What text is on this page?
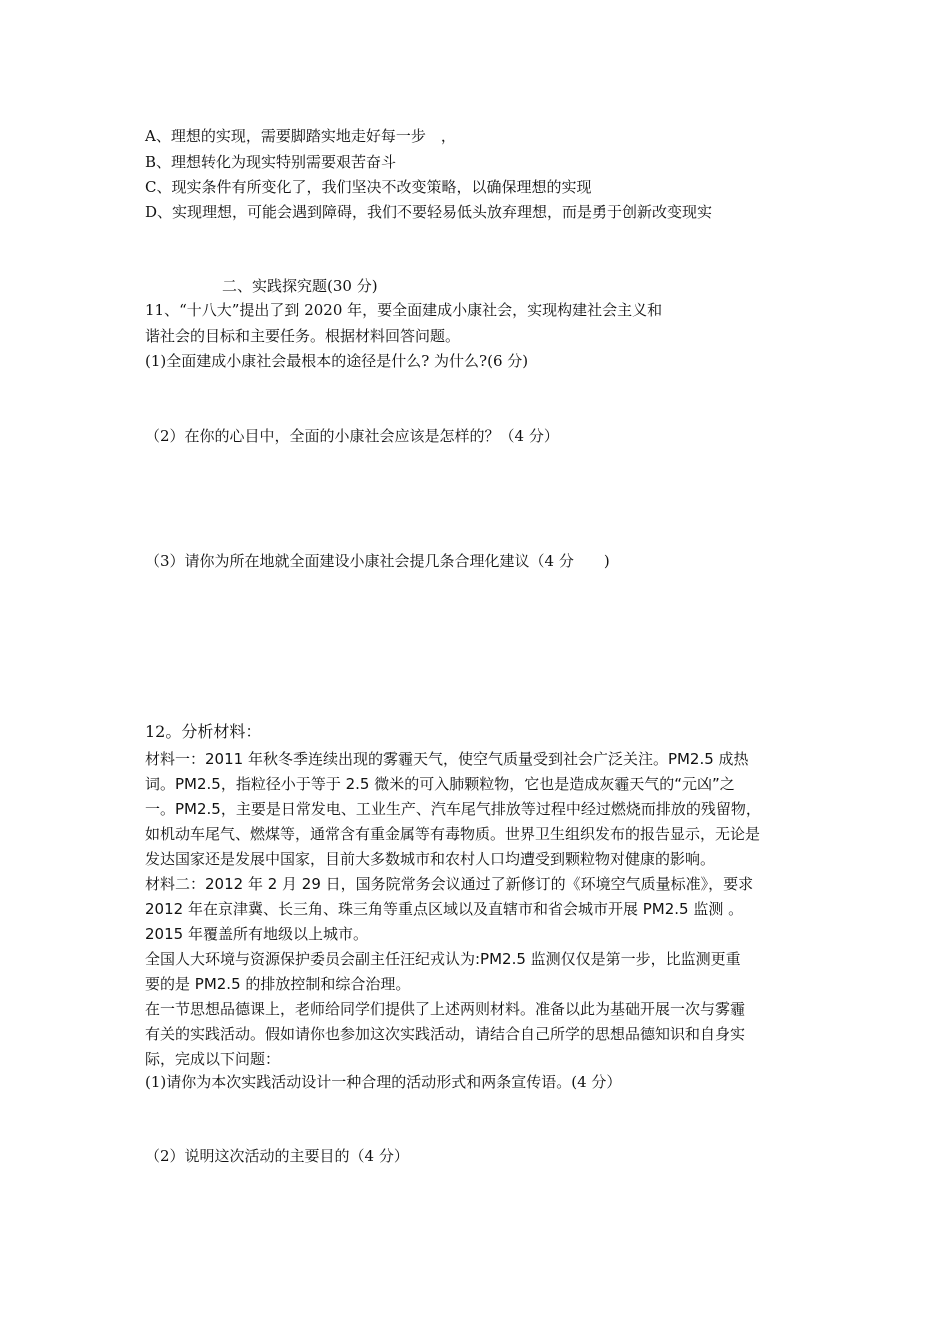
A、理想的实现，需要脚踏实地走好每一步　，
B、理想转化为现实特别需要艰苦奋斗
C、现实条件有所变化了，我们坚决不改变策略，以确保理想的实现
D、实现理想，可能会遇到障碍，我们不要轻易低头放弃理想，而是勇于创新改变现实
二、实践探究题(30 分)
11、“十八大”提出了到 2020 年，要全面建成小康社会，实现构建社会主义和
谐社会的目标和主要任务。根据材料回答问题。
(1)全面建成小康社会最根本的途径是什么? 为什么?(6 分)
（2）在你的心目中，全面的小康社会应该是怎样的？（4 分）
（3）请你为所在地就全面建设小康社会提几条合理化建议（4 分　　)
12。分析材料：
材料一：2011 年秋冬季连续出现的雾霾天气，使空气质量受到社会广泛关注。PM2.5 成热
词。PM2.5，指粒径小于等于 2.5 微米的可入肺颗粒物，它也是造成灰霾天气的“元凶”之
一。PM2.5，主要是日常发电、工业生产、汽车尾气排放等过程中经过燃烧而排放的残留物，
如机动车尾气、燃煤等，通常含有重金属等有毒物质。世界卫生组织发布的报告显示，无论是
发达国家还是发展中国家，目前大多数城市和农村人口均遭受到颗粒物对健康的影响。
材料二：2012 年 2 月 29 日，国务院常务会议通过了新修订的《环境空气质量标准》，要求
2012 年在京津冀、长三角、珠三角等重点区域以及直辖市和省会城市开展 PM2.5 监测 。
2015 年覆盖所有地级以上城市。
全国人大环境与资源保护委员会副主任汪纪戎认为:PM2.5 监测仅仅是第一步，比监测更重
要的是 PM2.5 的排放控制和综合治理。
在一节思想品德课上，老师给同学们提供了上述两则材料。准备以此为基础开展一次与雾霾
有关的实践活动。假如请你也参加这次实践活动，请结合自己所学的思想品德知识和自身实
际，完成以下问题：
(1)请你为本次实践活动设计一种合理的活动形式和两条宣传语。(4 分）
（2）说明这次活动的主要目的（4 分）
